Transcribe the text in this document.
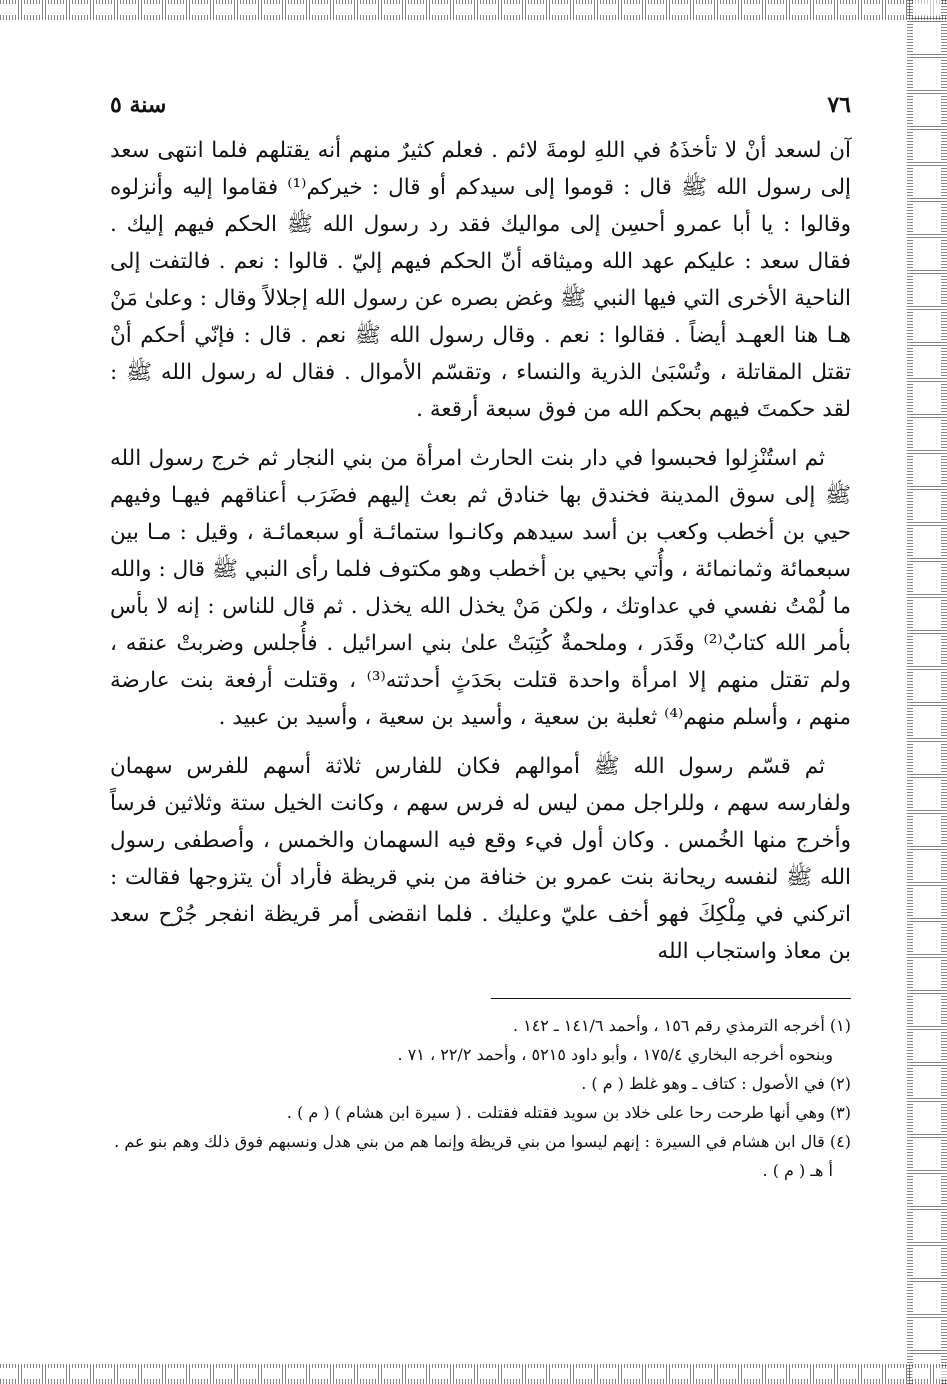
٧٦
سنة ٥

آن لسعد أنْ لا تأخذَهُ في اللهِ لومةَ لائم . فعلم كثيرٌ منهم أنه يقتلهم فلما انتهى سعد إلى رسول الله ﷺ قال : قوموا إلى سيدكم أو قال : خيركم⁽¹⁾ فقاموا إليه وأنزلوه وقالوا : يا أبا عمرو أحسِن إلى مواليك فقد رد رسول الله ﷺ الحكم فيهم إليك . فقال سعد : عليكم عهد الله وميثاقه أنّ الحكم فيهم إليّ . قالوا : نعم . فالتفت إلى الناحية الأخرى التي فيها النبي ﷺ وغض بصره عن رسول الله إجلالاً وقال : وعلىٰ مَنْ هـا هنا العهـد أيضاً . فقالوا : نعم . وقال رسول الله ﷺ نعم . قال : فإنّي أحكم أنْ تقتل المقاتلة ، وتُسْبَىٰ الذرية والنساء ، وتقسّم الأموال . فقال له رسول الله ﷺ : لقد حكمتَ فيهم بحكم الله من فوق سبعة أرقعة .

ثم استُنْزِلوا فحبسوا في دار بنت الحارث امرأة من بني النجار ثم خرج رسول الله ﷺ إلى سوق المدينة فخندق بها خنادق ثم بعث إليهم فضَرَب أعناقهم فيهـا وفيهم حيي بن أخطب وكعب بن أسد سيدهم وكانـوا ستمائـة أو سبعمائـة ، وقيل : مـا بين سبعمائة وثمانمائة ، وأُتي بحيي بن أخطب وهو مكتوف فلما رأى النبي ﷺ قال : والله ما لُمْتُ نفسي في عداوتك ، ولكن مَنْ يخذل الله يخذل . ثم قال للناس : إنه لا بأس بأمر الله كتابٌ⁽²⁾ وقَدَر ، وملحمةٌ كُتِبَتْ علىٰ بني اسرائيل . فأُجلس وضربتْ عنقه ، ولم تقتل منهم إلا امرأة واحدة قتلت بحَدَثٍ أحدثته⁽³⁾ ، وقتلت أرفعة بنت عارضة منهم ، وأسلم منهم⁽⁴⁾ ثعلبة بن سعية ، وأسيد بن سعية ، وأسيد بن عبيد .

ثم قسّم رسول الله ﷺ أموالهم فكان للفارس ثلاثة أسهم للفرس سهمان ولفارسه سهم ، وللراجل ممن ليس له فرس سهم ، وكانت الخيل ستة وثلاثين فرساً وأخرج منها الخُمس . وكان أول فيء وقع فيه السهمان والخمس ، وأصطفى رسول الله ﷺ لنفسه ريحانة بنت عمرو بن خنافة من بني قريظة فأراد أن يتزوجها فقالت : اتركني في مِلْكِكَ فهو أخف عليّ وعليك . فلما انقضى أمر قريظة انفجر جُرْح سعد بن معاذ واستجاب الله

(١) أخرجه الترمذي رقم ١٥٦ ، وأحمد ١٤١/٦ ـ ١٤٢ .
وبنحوه أخرجه البخاري ١٧٥/٤ ، وأبو داود ٥٢١٥ ، وأحمد ٢٢/٢ ، ٧١ .
(٢) في الأصول : كتاف ـ وهو غلط ( م ) .
(٣) وهي أنها طرحت رحا على خلاد بن سويد فقتله فقتلت . ( سيرة ابن هشام ) ( م ) .
(٤) قال ابن هشام في السيرة : إنهم ليسوا من بني قريظة وإنما هم من بني هدل ونسبهم فوق ذلك وهم بنو عم .
أ هـ ( م ) .
